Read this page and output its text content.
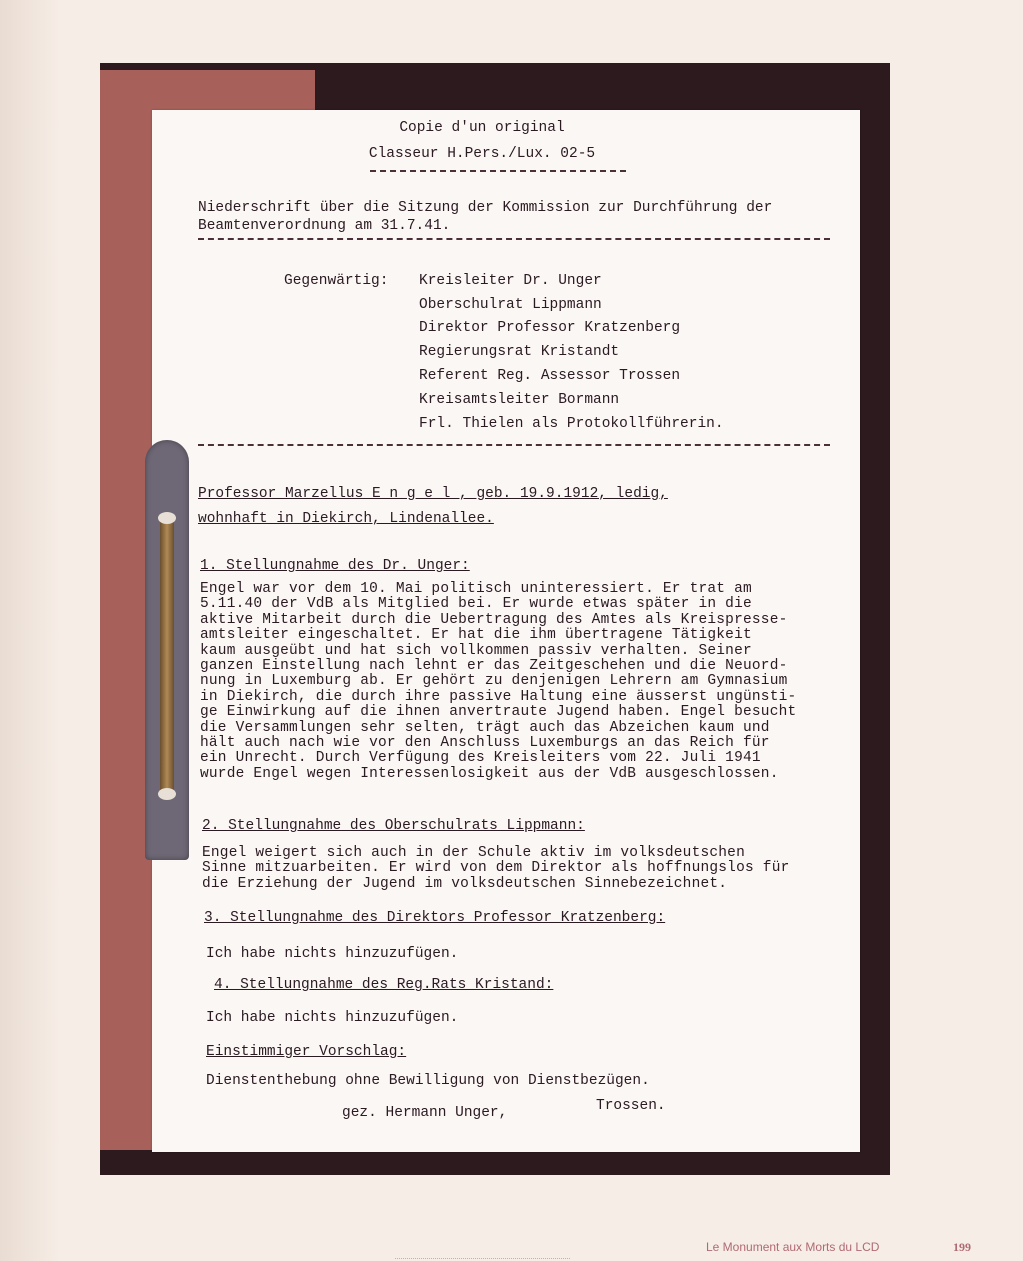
Copie d'un original

Classeur H.Pers./Lux. 02-5

Niederschrift über die Sitzung der Kommission zur Durchführung der

Beamtenverordnung am 31.7.41.

Gegenwärtig: Kreisleiter Dr. Unger

Oberschulrat Lippmann

Direktor Professor Kratzenberg

Regierungsrat Kristandt

Referent Reg. Assessor Trossen

Kreisamtsleiter Bormann

Frl. Thielen als Protokollführerin.

Professor Marzellus E n g e l , geb. 19.9.1912, ledig,

wohnhaft in Diekirch, Lindenallee.

1. Stellungnahme des Dr. Unger:

Engel war vor dem 10. Mai politisch uninteressiert. Er trat am
5.11.40 der VdB als Mitglied bei. Er wurde etwas später in die
aktive Mitarbeit durch die Uebertragung des Amtes als Kreispresse-
amtsleiter eingeschaltet. Er hat die ihm übertragene Tätigkeit
kaum ausgeübt und hat sich vollkommen passiv verhalten. Seiner
ganzen Einstellung nach lehnt er das Zeitgeschehen und die Neuord-
nung in Luxemburg ab. Er gehört zu denjenigen Lehrern am Gymnasium
in Diekirch, die durch ihre passive Haltung eine äusserst ungünsti-
ge Einwirkung auf die ihnen anvertraute Jugend haben. Engel besucht
die Versammlungen sehr selten, trägt auch das Abzeichen kaum und
hält auch nach wie vor den Anschluss Luxemburgs an das Reich für
ein Unrecht. Durch Verfügung des Kreisleiters vom 22. Juli 1941
wurde Engel wegen Interessenlosigkeit aus der VdB ausgeschlossen.

2. Stellungnahme des Oberschulrats Lippmann:

Engel weigert sich auch in der Schule aktiv im volksdeutschen
Sinne mitzuarbeiten. Er wird von dem Direktor als hoffnungslos für
die Erziehung der Jugend im volksdeutschen Sinnebezeichnet.

3. Stellungnahme des Direktors Professor Kratzenberg:

Ich habe nichts hinzuzufügen.

4. Stellungnahme des Reg.Rats Kristand:

Ich habe nichts hinzuzufügen.

Einstimmiger Vorschlag:

Dienstenthebung ohne Bewilligung von Dienstbezügen.

gez. Hermann Unger,	Trossen.

Le Monument aux Morts du LCD	199
